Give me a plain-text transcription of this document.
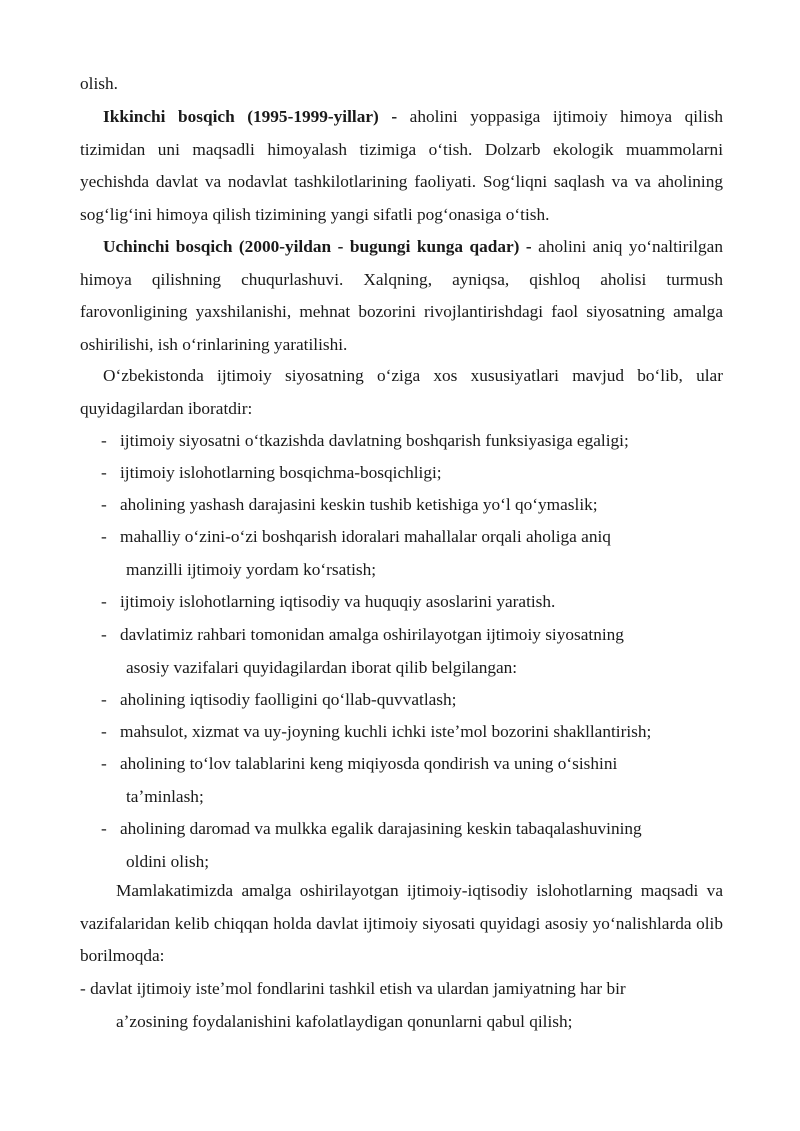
olish.

Ikkinchi bosqich (1995-1999-yillar) - aholini yoppasiga ijtimoiy himoya qilish tizimidan uni maqsadli himoyalash tizimiga oʻtish. Dolzarb ekologik muammolarni yechishda davlat va nodavlat tashkilotlarining faoliyati. Sogʻliqni saqlash va va aholining sogʻligʻini himoya qilish tizimining yangi sifatli pogʻonasiga oʻtish.

Uchinchi bosqich (2000-yildan - bugungi kunga qadar) - aholini aniq yoʻnaltirilgan himoya qilishning chuqurlashuvi. Xalqning, ayniqsa, qishloq aholisi turmush farovonligining yaxshilanishi, mehnat bozorini rivojlantirishdagi faol siyosatning amalga oshirilishi, ish oʻrinlarining yaratilishi.

Oʻzbekistonda ijtimoiy siyosatning oʻziga xos xususiyatlari mavjud boʻlib, ular quyidagilardan iboratdir:

- ijtimoiy siyosatni oʻtkazishda davlatning boshqarish funksiyasiga egaligi;
- ijtimoiy islohotlarning bosqichma-bosqichligi;
- aholining yashash darajasini keskin tushib ketishiga yoʻl qoʻymaslik;
- mahalliy oʻzini-oʻzi boshqarish idoralari mahallalar orqali aholiga aniq
manzilli ijtimoiy yordam koʻrsatish;
- ijtimoiy islohotlarning iqtisodiy va huquqiy asoslarini yaratish.
- davlatimiz rahbari tomonidan amalga oshirilayotgan ijtimoiy siyosatning
asosiy vazifalari quyidagilardan iborat qilib belgilangan:
- aholining iqtisodiy faolligini qoʻllab-quvvatlash;
- mahsulot, xizmat va uy-joyning kuchli ichki isteʼmol bozorini shakllantirish;
- aholining toʻlov talablarini keng miqiyosda qondirish va uning oʻsishini
taʼminlash;
- aholining daromad va mulkka egalik darajasining keskin tabaqalashuvining
oldini olish;

Mamlakatimizda amalga oshirilayotgan ijtimoiy-iqtisodiy islohotlarning maqsadi va vazifalaridan kelib chiqqan holda davlat ijtimoiy siyosati quyidagi asosiy yoʻnalishlarda olib borilmoqda:

- davlat ijtimoiy isteʼmol fondlarini tashkil etish va ulardan jamiyatning har bir
aʼzosining foydalanishini kafolatlaydigan qonunlarni qabul qilish;
